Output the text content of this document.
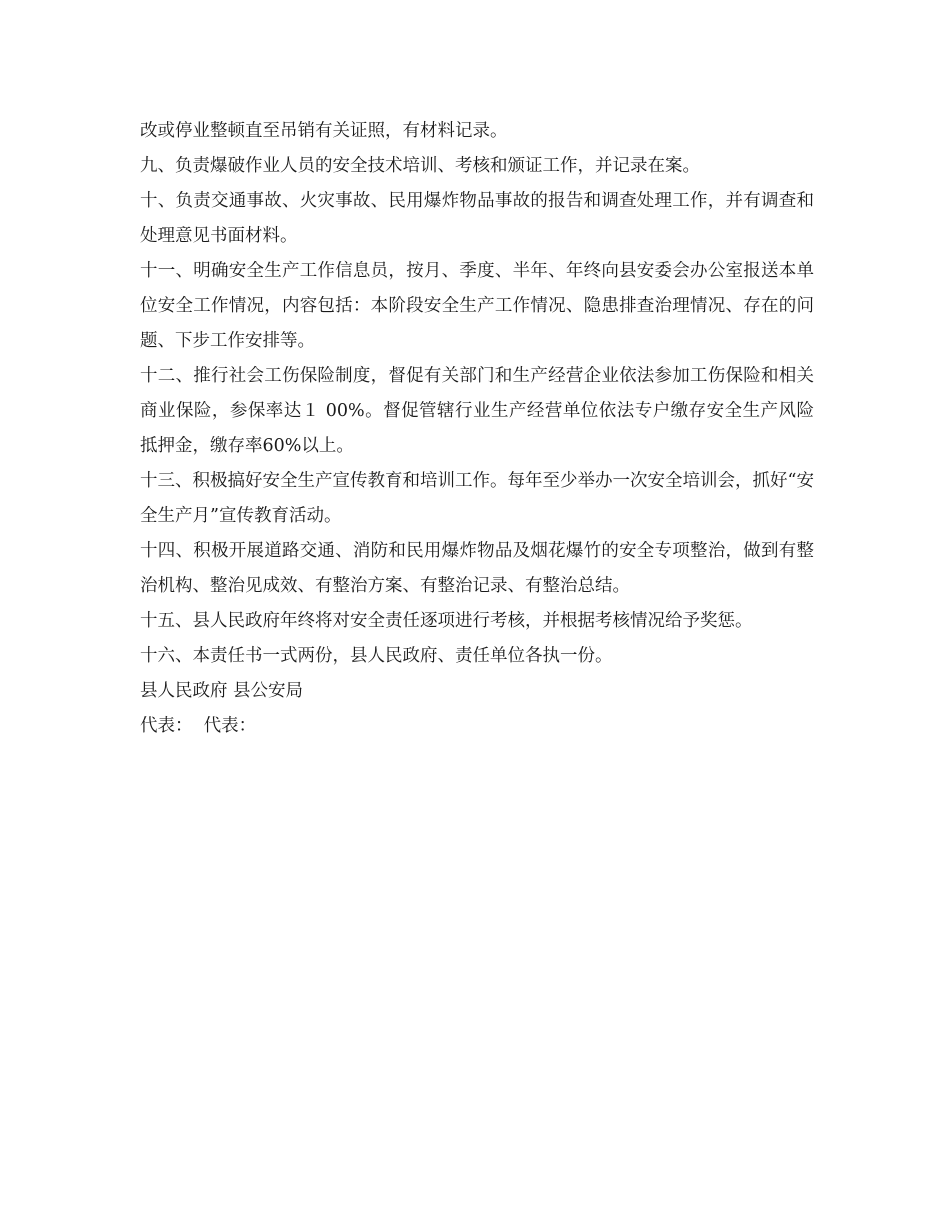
改或停业整顿直至吊销有关证照，有材料记录。

九、负责爆破作业人员的安全技术培训、考核和颁证工作，并记录在案。

十、负责交通事故、火灾事故、民用爆炸物品事故的报告和调查处理工作，并有调查和处理意见书面材料。

十一、明确安全生产工作信息员，按月、季度、半年、年终向县安委会办公室报送本单位安全工作情况，内容包括：本阶段安全生产工作情况、隐患排查治理情况、存在的问题、下步工作安排等。

十二、推行社会工伤保险制度，督促有关部门和生产经营企业依法参加工伤保险和相关商业保险，参保率达１ 00%。督促管辖行业生产经营单位依法专户缴存安全生产风险抵押金，缴存率60%以上。

十三、积极搞好安全生产宣传教育和培训工作。每年至少举办一次安全培训会，抓好“安全生产月”宣传教育活动。

十四、积极开展道路交通、消防和民用爆炸物品及烟花爆竹的安全专项整治，做到有整治机构、整治见成效、有整治方案、有整治记录、有整治总结。

十五、县人民政府年终将对安全责任逐项进行考核，并根据考核情况给予奖惩。

十六、本责任书一式两份，县人民政府、责任单位各执一份。

县人民政府 县公安局

代表：  代表：
